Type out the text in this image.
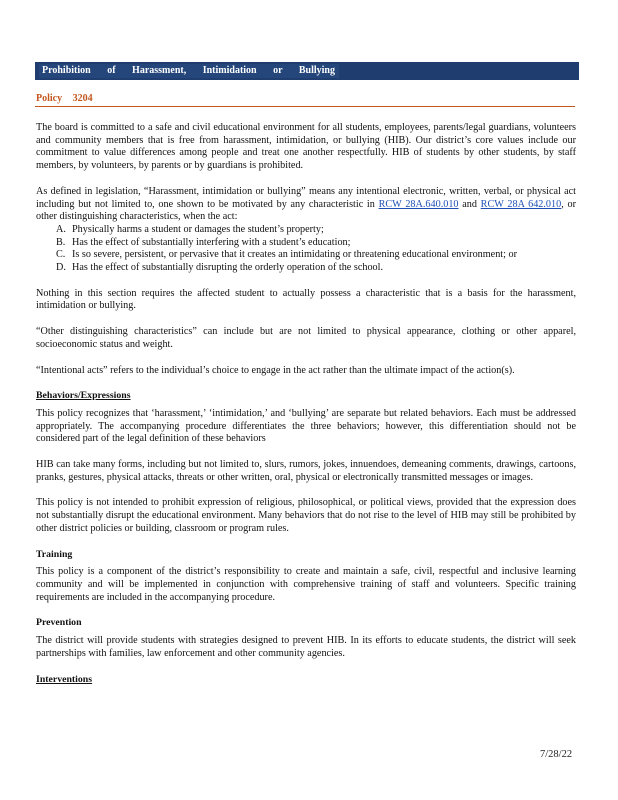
Prohibition of Harassment, Intimidation or Bullying
Policy 3204

The board is committed to a safe and civil educational environment for all students, employees, parents/legal guardians, volunteers and community members that is free from harassment, intimidation, or bullying (HIB). Our district’s core values include our commitment to value differences among people and treat one another respectfully. HIB of students by other students, by staff members, by volunteers, by parents or by guardians is prohibited.

As defined in legislation, “Harassment, intimidation or bullying” means any intentional electronic, written, verbal, or physical act including but not limited to, one shown to be motivated by any characteristic in RCW 28A.640.010 and RCW 28A 642.010, or other distinguishing characteristics, when the act:

A. Physically harms a student or damages the student’s property;
B. Has the effect of substantially interfering with a student’s education;
C. Is so severe, persistent, or pervasive that it creates an intimidating or threatening educational environment; or
D. Has the effect of substantially disrupting the orderly operation of the school.

Nothing in this section requires the affected student to actually possess a characteristic that is a basis for the harassment, intimidation or bullying.

“Other distinguishing characteristics” can include but are not limited to physical appearance, clothing or other apparel, socioeconomic status and weight.

“Intentional acts” refers to the individual’s choice to engage in the act rather than the ultimate impact of the action(s).

Behaviors/Expressions

This policy recognizes that ‘harassment,’ ‘intimidation,’ and ‘bullying’ are separate but related behaviors. Each must be addressed appropriately. The accompanying procedure differentiates the three behaviors; however, this differentiation should not be considered part of the legal definition of these behaviors

HIB can take many forms, including but not limited to, slurs, rumors, jokes, innuendoes, demeaning comments, drawings, cartoons, pranks, gestures, physical attacks, threats or other written, oral, physical or electronically transmitted messages or images.

This policy is not intended to prohibit expression of religious, philosophical, or political views, provided that the expression does not substantially disrupt the educational environment. Many behaviors that do not rise to the level of HIB may still be prohibited by other district policies or building, classroom or program rules.

Training

This policy is a component of the district’s responsibility to create and maintain a safe, civil, respectful and inclusive learning community and will be implemented in conjunction with comprehensive training of staff and volunteers. Specific training requirements are included in the accompanying procedure.

Prevention

The district will provide students with strategies designed to prevent HIB. In its efforts to educate students, the district will seek partnerships with families, law enforcement and other community agencies.

Interventions
7/28/22
